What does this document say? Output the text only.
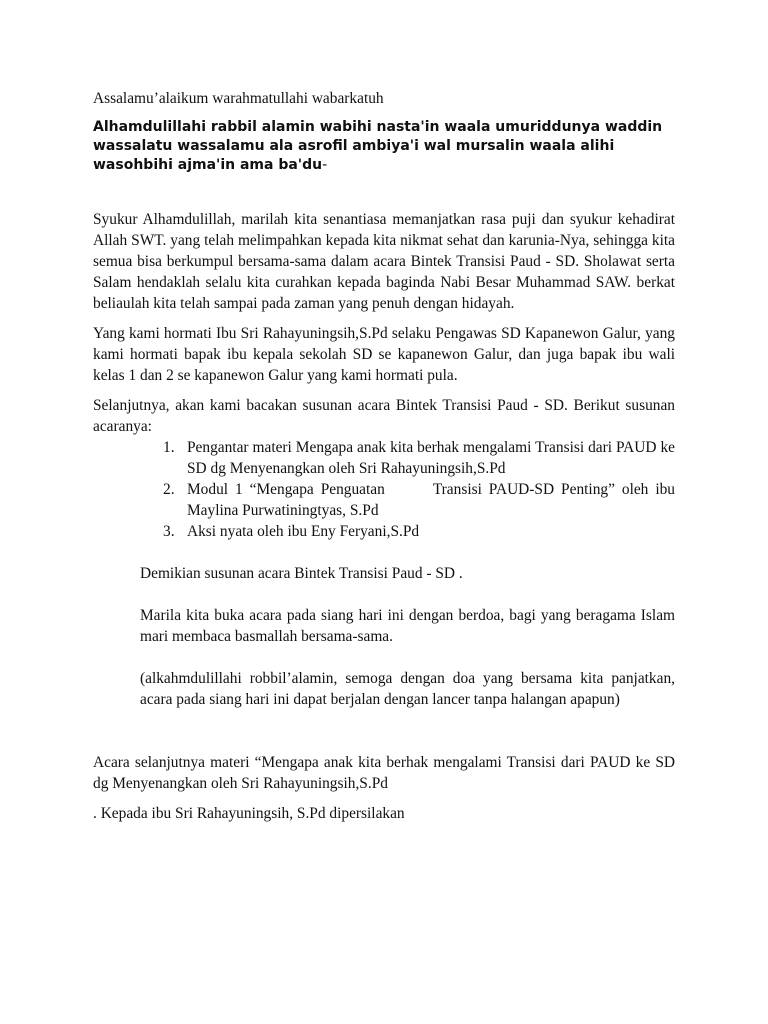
Assalamu’alaikum warahmatullahi wabarkatuh

Alhamdulillahi rabbil alamin wabihi nasta'in waala umuriddunya waddin wassalatu wassalamu ala asrofil ambiya'i wal mursalin waala alihi wasohbihi ajma'in ama ba'du-

Syukur Alhamdulillah, marilah kita senantiasa memanjatkan rasa puji dan syukur kehadirat Allah SWT. yang telah melimpahkan kepada kita nikmat sehat dan karunia-Nya, sehingga kita semua bisa berkumpul bersama-sama dalam acara Bintek Transisi Paud - SD. Sholawat serta Salam hendaklah selalu kita curahkan kepada baginda Nabi Besar Muhammad SAW. berkat beliaulah kita telah sampai pada zaman yang penuh dengan hidayah.

Yang kami hormati Ibu Sri Rahayuningsih,S.Pd selaku Pengawas SD Kapanewon Galur, yang kami hormati bapak ibu kepala sekolah SD se kapanewon Galur, dan juga bapak ibu wali kelas 1 dan 2 se kapanewon Galur yang kami hormati pula.

Selanjutnya, akan kami bacakan susunan acara Bintek Transisi Paud - SD. Berikut susunan acaranya:

1. Pengantar materi Mengapa anak kita berhak mengalami Transisi dari PAUD ke SD dg Menyenangkan oleh Sri Rahayuningsih,S.Pd
2. Modul 1 “Mengapa Penguatan	Transisi PAUD-SD Penting” oleh ibu Maylina Purwatiningtyas, S.Pd
3. Aksi nyata oleh ibu Eny Feryani,S.Pd

Demikian susunan acara Bintek Transisi Paud - SD .

Marila kita buka acara pada siang hari ini dengan berdoa, bagi yang beragama Islam mari membaca basmallah bersama-sama.

(alkahmdulillahi robbil’alamin, semoga dengan doa yang bersama kita panjatkan, acara pada siang hari ini dapat berjalan dengan lancer tanpa halangan apapun)

Acara selanjutnya materi “Mengapa anak kita berhak mengalami Transisi dari PAUD ke SD dg Menyenangkan oleh Sri Rahayuningsih,S.Pd

. Kepada ibu Sri Rahayuningsih, S.Pd dipersilakan
